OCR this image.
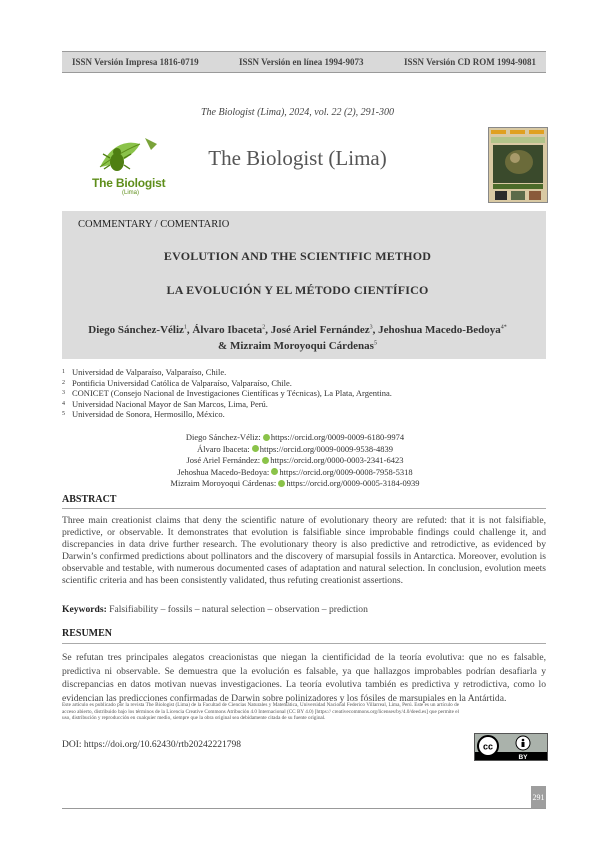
ISSN Versión Impresa 1816-0719	ISSN Versión en línea 1994-9073	ISSN Versión CD ROM 1994-9081
The Biologist (Lima), 2024, vol. 22 (2), 291-300
The Biologist
(Lima)
The Biologist (Lima)
COMMENTARY / COMENTARIO
EVOLUTION AND THE SCIENTIFIC METHOD
LA EVOLUCIÓN Y EL MÉTODO CIENTÍFICO
Diego Sánchez-Véliz$^1$, Álvaro Ibaceta$^2$, José Ariel Fernández$^3$, Jehoshua Macedo-Bedoya$^{4*}$
& Mizraim Moroyoqui Cárdenas$^5$
1 Universidad de Valparaíso, Valparaíso, Chile.
2 Pontificia Universidad Católica de Valparaíso, Valparaíso, Chile.
3 CONICET (Consejo Nacional de Investigaciones Científicas y Técnicas), La Plata, Argentina.
4 Universidad Nacional Mayor de San Marcos, Lima, Perú.
5 Universidad de Sonora, Hermosillo, México.
Diego Sánchez-Véliz: https://orcid.org/0009-0009-6180-9974
Álvaro Ibaceta: https://orcid.org/0009-0009-9538-4839
José Ariel Fernández: https://orcid.org/0000-0003-2341-6423
Jehoshua Macedo-Bedoya: https://orcid.org/0009-0008-7958-5318
Mizraim Moroyoqui Cárdenas: https://orcid.org/0009-0005-3184-0939
ABSTRACT
Three main creationist claims that deny the scientific nature of evolutionary theory are refuted: that it is not falsifiable, predictive, or observable. It demonstrates that evolution is falsifiable since improbable findings could challenge it, and discrepancies in data drive further research. The evolutionary theory is also predictive and retrodictive, as evidenced by Darwin’s confirmed predictions about pollinators and the discovery of marsupial fossils in Antarctica. Moreover, evolution is observable and testable, with numerous documented cases of adaptation and natural selection. In conclusion, evolution meets scientific criteria and has been consistently validated, thus refuting creationist assertions.
Keywords: Falsifiability – fossils – natural selection – observation – prediction
RESUMEN
Se refutan tres principales alegatos creacionistas que niegan la cientificidad de la teoría evolutiva: que no es falsable, predictiva ni observable. Se demuestra que la evolución es falsable, ya que hallazgos improbables podrían desafiarla y discrepancias en datos motivan nuevas investigaciones. La teoría evolutiva también es predictiva y retrodictiva, como lo evidencian las predicciones confirmadas de Darwin sobre polinizadores y los fósiles de marsupiales en la Antártida.
Este artículo es publicado por la revista The Biologist (Lima) de la Facultad de Ciencias Naturales y Matemática, Universidad Nacional Federico Villarreal, Lima, Perú. Este es un artículo de acceso abierto, distribuido bajo los términos de la Licencia Creative Commons Atribución 4.0 Internacional (CC BY 4.0) [https:// creativecommons.org/licenses/by/4.0/deed.es] que permite el uso, distribución y reproducción en cualquier medio, siempre que la obra original sea debidamente citada de su fuente original.
DOI: https://doi.org/10.62430/rtb20242221798	cc
BY
291
